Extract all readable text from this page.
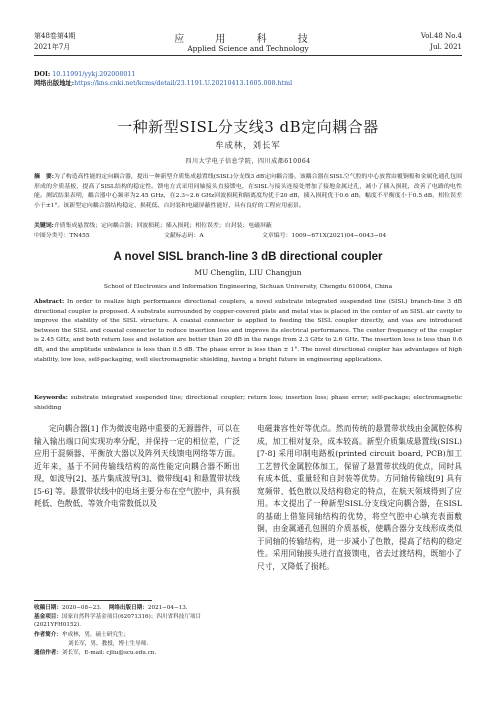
第48卷第4期
2021年7月
应 用 科 技
Applied Science and Technology
Vol.48 No.4
Jul. 2021
DOI: 10.11991/yykj.202008011
网络出版地址:https://kns.cnki.net/kcms/detail/23.1191.U.20210413.1605.008.html
一种新型SISL分支线3 dB定向耦合器
牟成林，刘长军
四川大学电子信息学院，四川成都610064
摘　要:为了构造高性能的定向耦合器，提出一种新型介质集成悬置线(SISL)分支线3 dB定向耦合器。该耦合器在SISL空气腔的中心放置由覆铜板和金属化通孔包围形成的介质基板，提高了SISL结构的稳定性。馈电方式采用同轴接头直接馈电，在SISL与接头连接处增加了接地金属过孔，减小了插入损耗，改善了电路的电性能。测试结果表明，耦合器中心频率为2.45 GHz，在2.3~2.6 GHz回波损耗和隔离度均优于20 dB，插入损耗优于0.6 dB，幅度不平衡度小于0.5 dB，相位误差小于±1°。该新型定向耦合器结构稳定、损耗低、自封装和电磁屏蔽性能好，具有良好的工程应用前景。
关键词:介质集成悬置线；定向耦合器；回波损耗；插入损耗；相位误差；自封装；电磁屏蔽
中图分类号：TN455	文献标志码：A	文章编号：1009−671X(2021)04−0043−04
A novel SISL branch-line 3 dB directional coupler
MU Chenglin, LIU Changjun
School of Electronics and Information Engineering, Sichuan University, Chengdu 610064, China
Abstract: In order to realize high performance directional couplers, a novel substrate integrated suspended line (SISL) branch-line 3 dB directional coupler is proposed. A substrate surrounded by copper-covered plate and metal vias is placed in the center of an SISL air cavity to improve the stability of the SISL structure. A coaxial connector is applied to feeding the SISL coupler directly, and vias are introduced between the SISL and coaxial connector to reduce insertion loss and improve its electrical performance. The center frequency of the coupler is 2.45 GHz, and both return loss and isolation are better than 20 dB in the range from 2.3 GHz to 2.6 GHz. The insertion loss is less than 0.6 dB, and the amplitude unbalance is less than 0.5 dB. The phase error is less than ± 1°. The novel directional coupler has advantages of high stability, low loss, self-packaging, well electromagnetic shielding, having a bright future in engineering applications.
Keywords: substrate integrated suspended line; directional coupler; return loss; insertion loss; phase error; self-package; electromagnetic shielding
定向耦合器[1] 作为微波电路中重要的无源器件，可以在输入输出端口间实现功率分配，并保持一定的相位差，广泛应用于混频器、平衡放大器以及阵列天线馈电网络等方面。近年来，基于不同传输线结构的高性能定向耦合器不断出现，如波导[2]、基片集成波导[3]、微带线[4] 和悬置带状线[5-6] 等。悬置带状线中的电场主要分布在空气腔中，具有损耗低、色散低、等效介电常数低以及
电磁兼容性好等优点。然而传统的悬置带状线由金属腔体构成，加工相对复杂，成本较高。新型介质集成悬置线(SISL)[7-8] 采用印制电路板(printed circuit board, PCB)加工工艺替代金属腔体加工，保留了悬置带状线的优点，同时具有成本低、重量轻和自封装等优势。方同轴传输线[9] 具有宽频带、低色散以及结构稳定的特点，在航天领域得到了应用。本文提出了一种新型SISL分支线定向耦合器，在SISL的基础上借鉴同轴结构的优势，将空气腔中心填充表面敷铜，由金属通孔包围的介质基板，使耦合器分支线形成类似于同轴的传输结构，进一步减小了色散，提高了结构的稳定性。采用同轴接头进行直接馈电，省去过渡结构，既缩小了尺寸，又降低了损耗。
收稿日期：2020−08−23. 网络出版日期：2021−04−13.
基金项目：国家自然科学基金项目(62071316)；四川省科技厅项目(2021YFH0152).
作者简介：牟成林，男，硕士研究生；
刘长军，男，教授，博士生导师.
通信作者：刘长军，E-mail: cjliu@scu.edu.cn.
